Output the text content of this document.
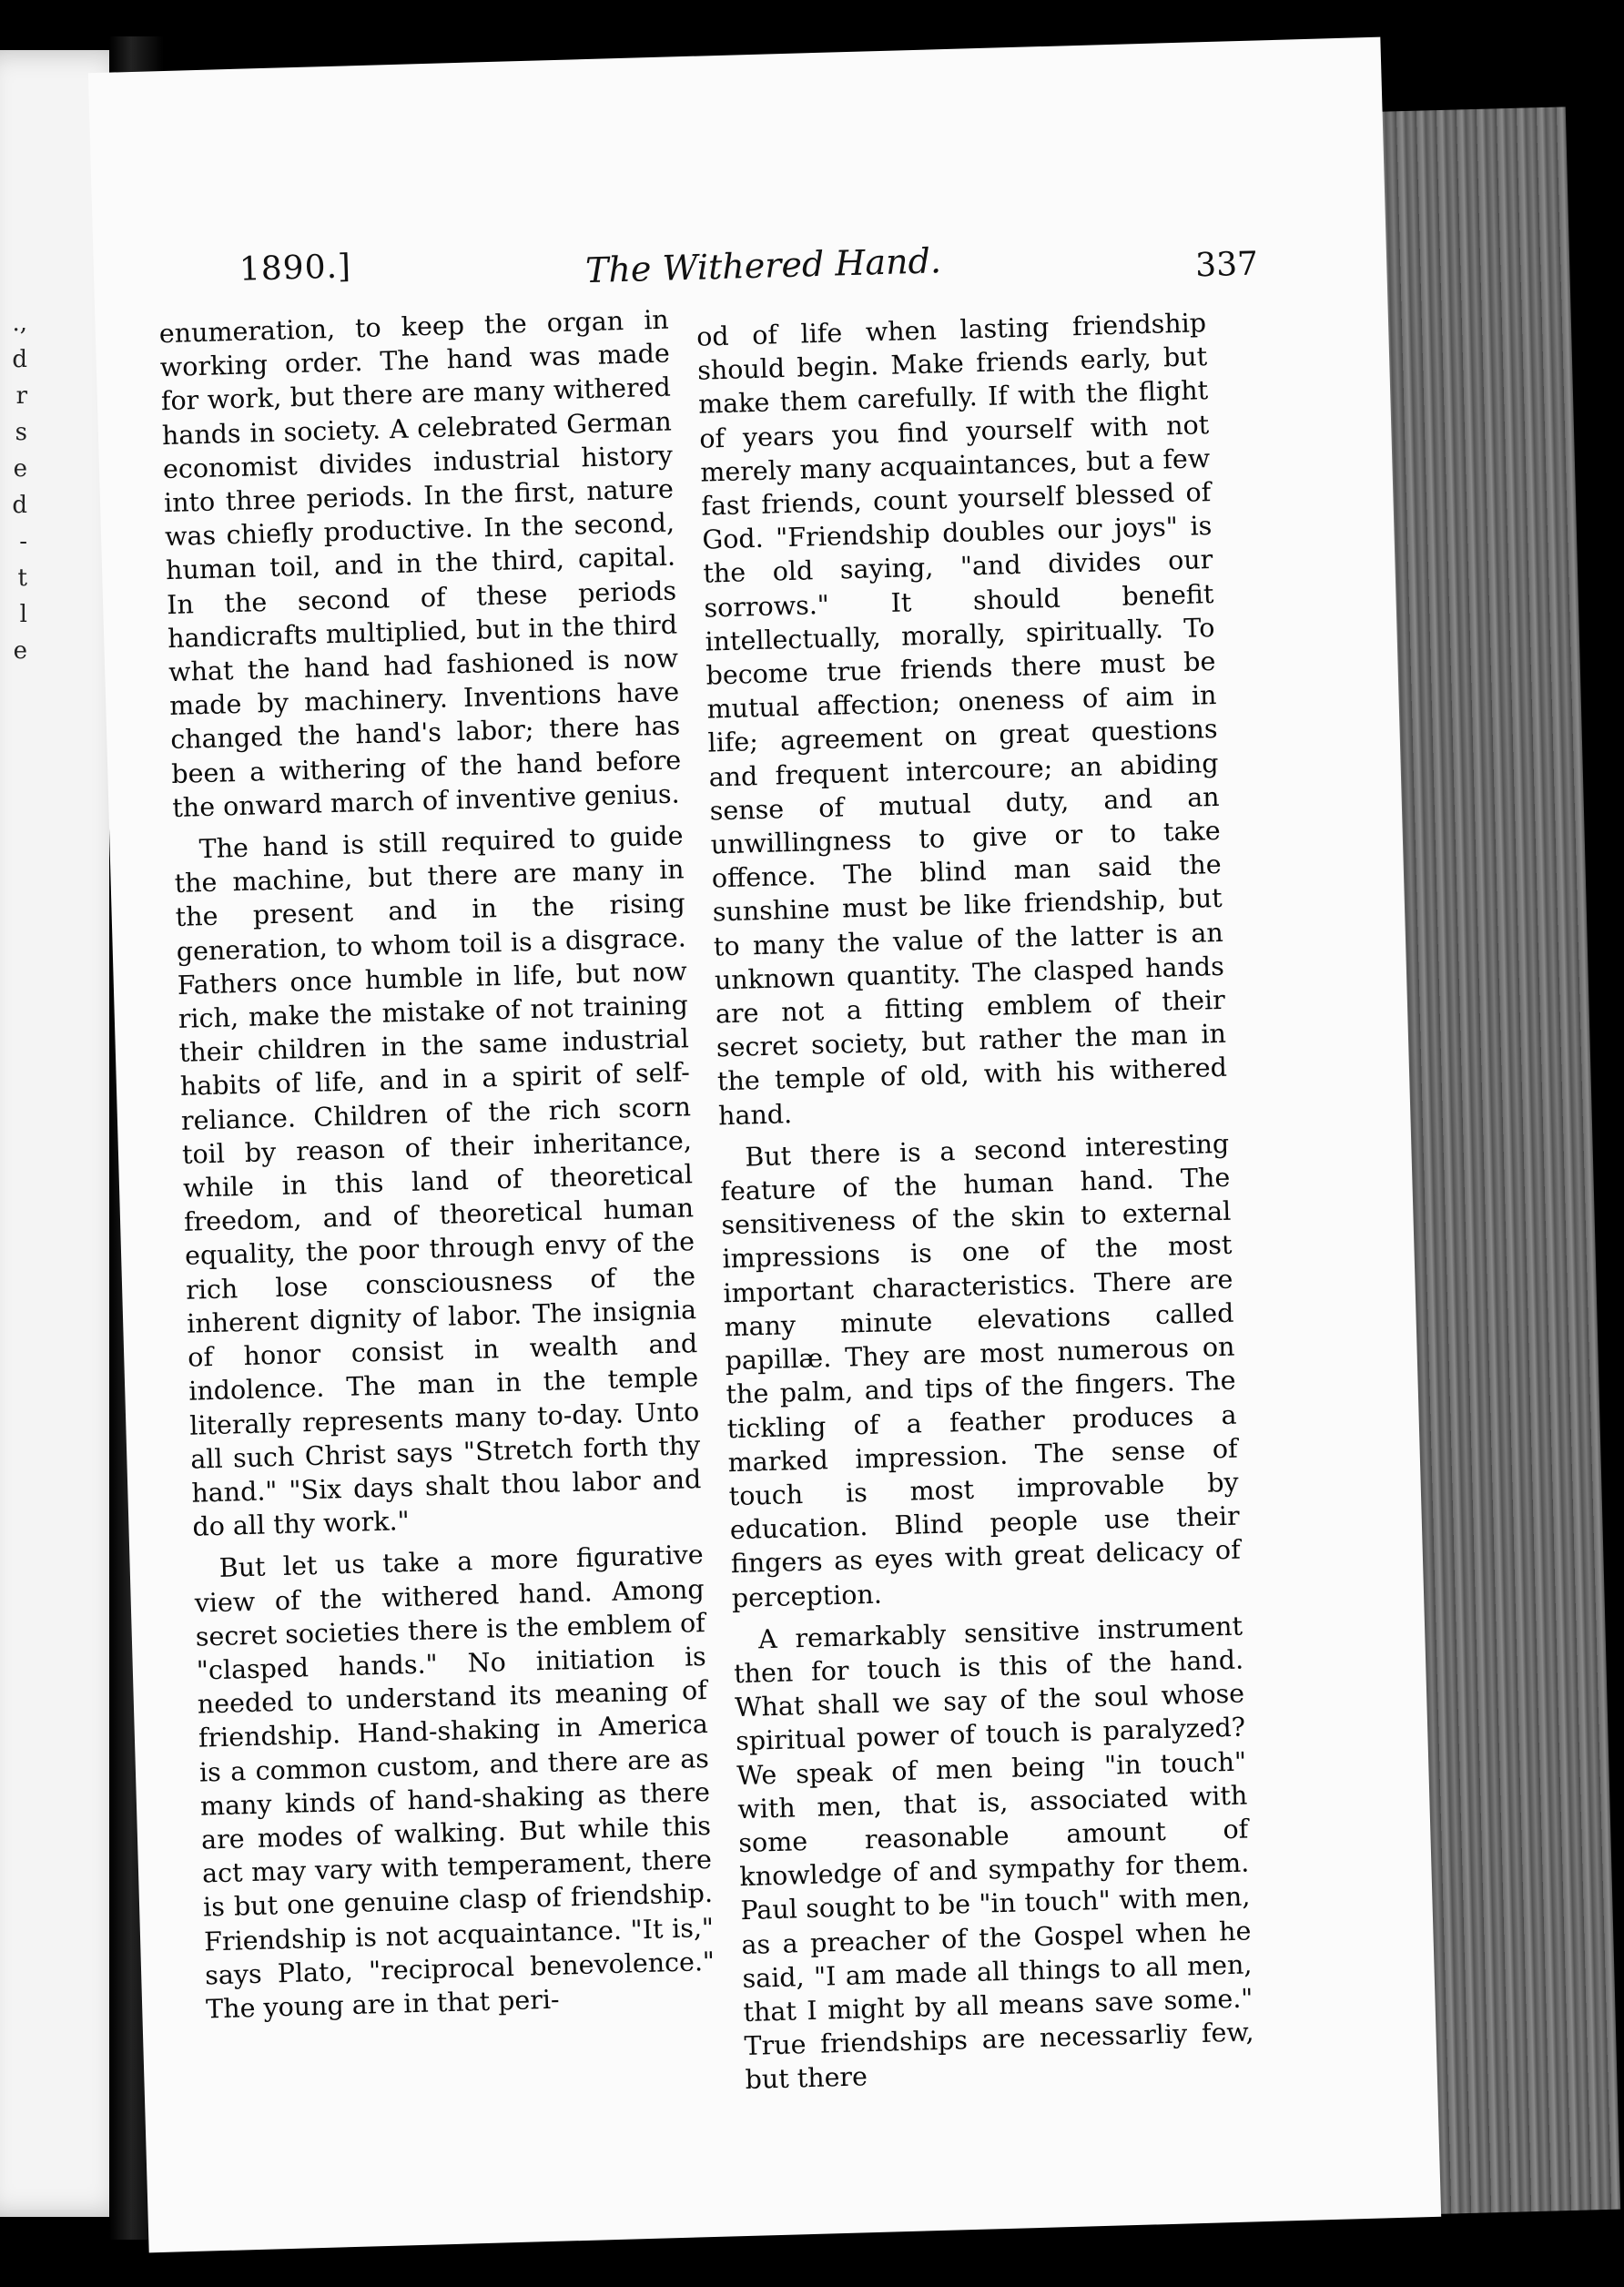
.,
d
r
s
e
d
-
t
l
e
1890.]	The Withered Hand.	337

enumeration, to keep the organ in working order. The hand was made for work, but there are many withered hands in society. A celebrated German economist divides industrial history into three periods. In the first, nature was chiefly productive. In the second, human toil, and in the third, capital. In the second of these periods handicrafts multiplied, but in the third what the hand had fashioned is now made by machinery. Inventions have changed the hand's labor; there has been a withering of the hand before the onward march of inventive genius.

The hand is still required to guide the machine, but there are many in the present and in the rising generation, to whom toil is a disgrace. Fathers once humble in life, but now rich, make the mistake of not training their children in the same industrial habits of life, and in a spirit of self-reliance. Children of the rich scorn toil by reason of their inheritance, while in this land of theoretical freedom, and of theoretical human equality, the poor through envy of the rich lose consciousness of the inherent dignity of labor. The insignia of honor consist in wealth and indolence. The man in the temple literally represents many to-day. Unto all such Christ says "Stretch forth thy hand." "Six days shalt thou labor and do all thy work."

But let us take a more figurative view of the withered hand. Among secret societies there is the emblem of "clasped hands." No initiation is needed to understand its meaning of friendship. Hand-shaking in America is a common custom, and there are as many kinds of hand-shaking as there are modes of walking. But while this act may vary with temperament, there is but one genuine clasp of friendship. Friendship is not acquaintance. "It is," says Plato, "reciprocal benevolence." The young are in that peri-

od of life when lasting friendship should begin. Make friends early, but make them carefully. If with the flight of years you find yourself with not merely many acquaintances, but a few fast friends, count yourself blessed of God. "Friendship doubles our joys" is the old saying, "and divides our sorrows." It should benefit intellectually, morally, spiritually. To become true friends there must be mutual affection; oneness of aim in life; agreement on great questions and frequent intercoure; an abiding sense of mutual duty, and an unwillingness to give or to take offence. The blind man said the sunshine must be like friendship, but to many the value of the latter is an unknown quantity. The clasped hands are not a fitting emblem of their secret society, but rather the man in the temple of old, with his withered hand.

But there is a second interesting feature of the human hand. The sensitiveness of the skin to external impressions is one of the most important characteristics. There are many minute elevations called papillæ. They are most numerous on the palm, and tips of the fingers. The tickling of a feather produces a marked impression. The sense of touch is most improvable by education. Blind people use their fingers as eyes with great delicacy of perception.

A remarkably sensitive instrument then for touch is this of the hand. What shall we say of the soul whose spiritual power of touch is paralyzed? We speak of men being "in touch" with men, that is, associated with some reasonable amount of knowledge of and sympathy for them. Paul sought to be "in touch" with men, as a preacher of the Gospel when he said, "I am made all things to all men, that I might by all means save some." True friendships are necessarliy few, but there
